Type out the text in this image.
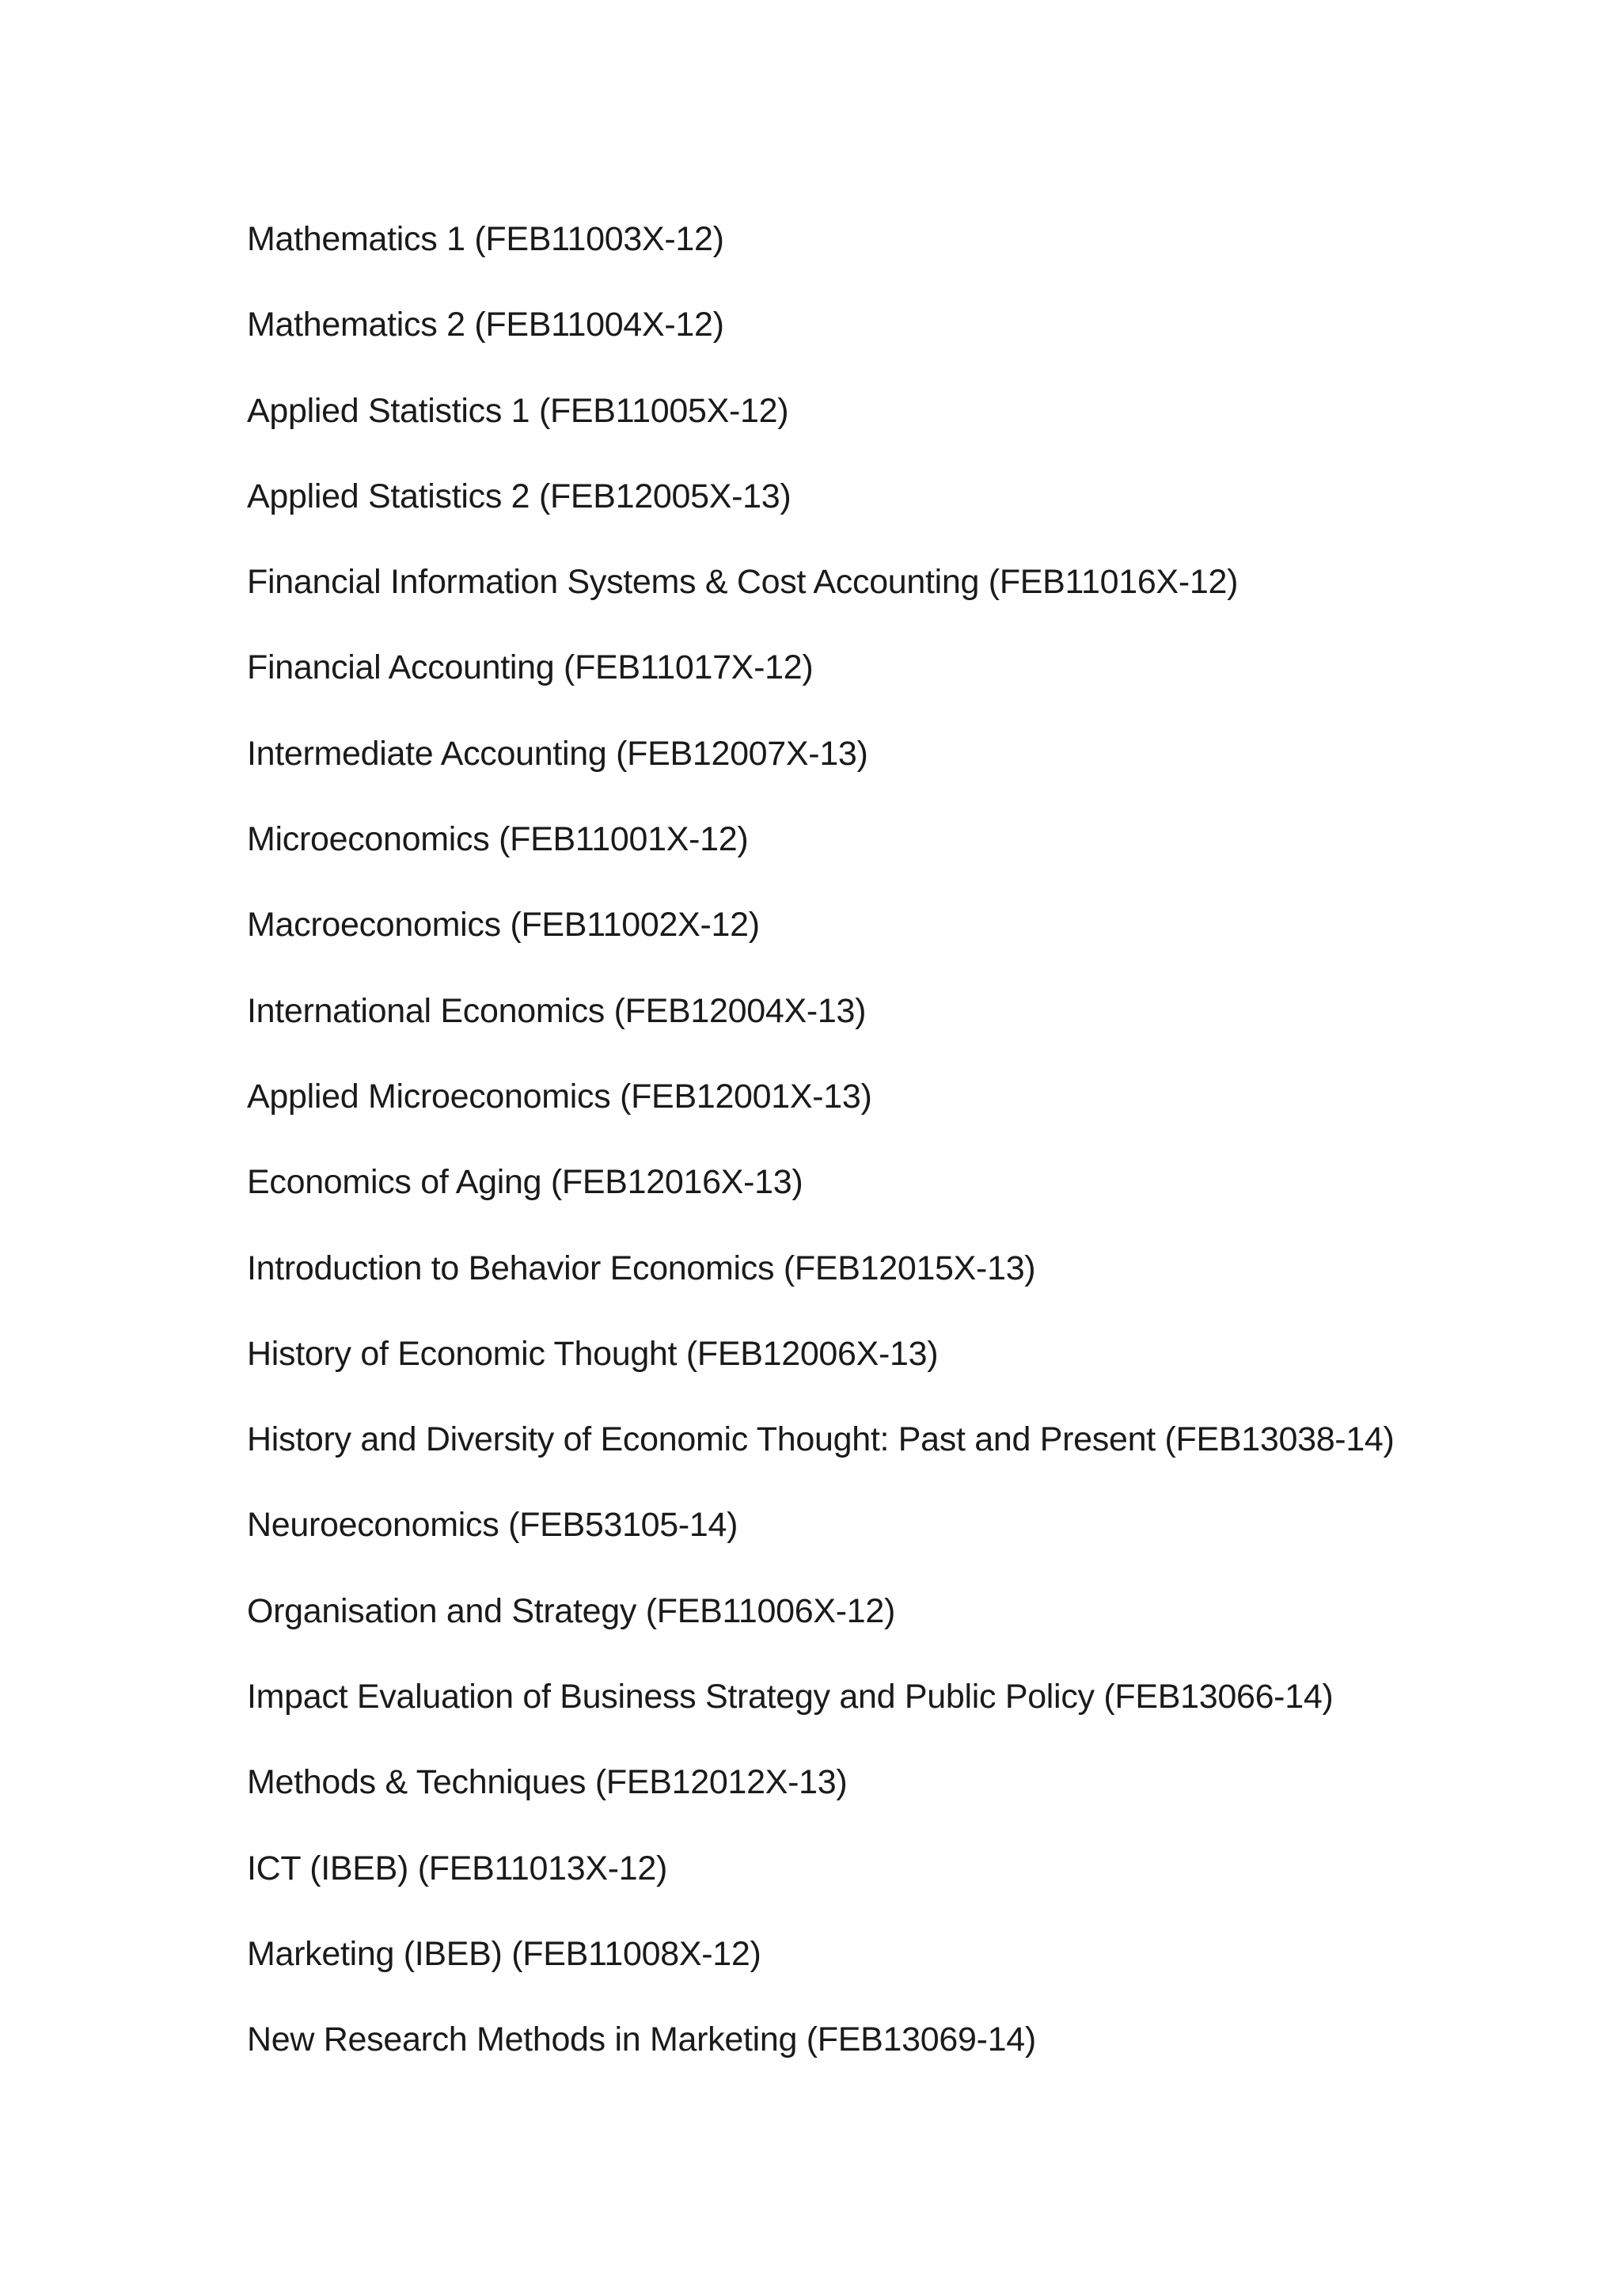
Mathematics 1 (FEB11003X-12)
Mathematics 2 (FEB11004X-12)
Applied Statistics 1 (FEB11005X-12)
Applied Statistics 2 (FEB12005X-13)
Financial Information Systems & Cost Accounting (FEB11016X-12)
Financial Accounting (FEB11017X-12)
Intermediate Accounting (FEB12007X-13)
Microeconomics (FEB11001X-12)
Macroeconomics (FEB11002X-12)
International Economics (FEB12004X-13)
Applied Microeconomics (FEB12001X-13)
Economics of Aging (FEB12016X-13)
Introduction to Behavior Economics (FEB12015X-13)
History of Economic Thought (FEB12006X-13)
History and Diversity of Economic Thought: Past and Present (FEB13038-14)
Neuroeconomics (FEB53105-14)
Organisation and Strategy (FEB11006X-12)
Impact Evaluation of Business Strategy and Public Policy (FEB13066-14)
Methods & Techniques (FEB12012X-13)
ICT (IBEB) (FEB11013X-12)
Marketing (IBEB) (FEB11008X-12)
New Research Methods in Marketing (FEB13069-14)
